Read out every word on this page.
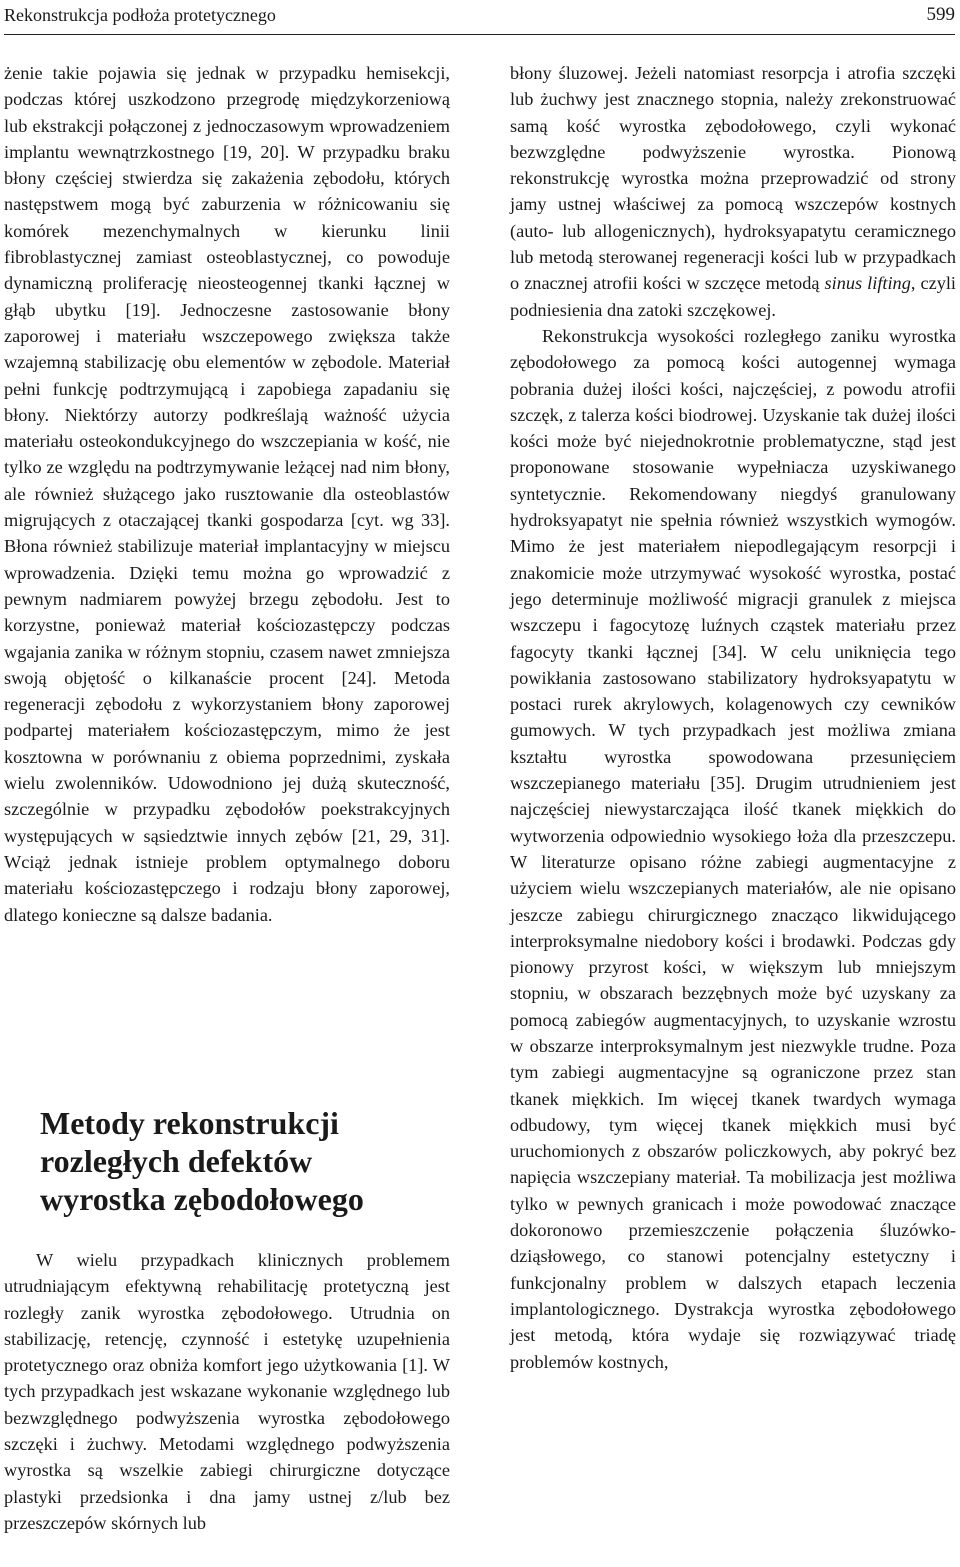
Rekonstrukcja podłoża protetycznego	599

żenie takie pojawia się jednak w przypadku hemisekcji, podczas której uszkodzono przegrodę międzykorzeniową lub ekstrakcji połączonej z jednoczasowym wprowadzeniem implantu wewnątrzkostnego [19, 20]. W przypadku braku błony częściej stwierdza się zakażenia zębodołu, których następstwem mogą być zaburzenia w różnicowaniu się komórek mezenchymalnych w kierunku linii fibroblastycznej zamiast osteoblastycznej, co powoduje dynamiczną proliferację nieosteogennej tkanki łącznej w głąb ubytku [19]. Jednoczesne zastosowanie błony zaporowej i materiału wszczepowego zwiększa także wzajemną stabilizację obu elementów w zębodole. Materiał pełni funkcję podtrzymującą i zapobiega zapadaniu się błony. Niektórzy autorzy podkreślają ważność użycia materiału osteokondukcyjnego do wszczepiania w kość, nie tylko ze względu na podtrzymywanie leżącej nad nim błony, ale również służącego jako rusztowanie dla osteoblastów migrujących z otaczającej tkanki gospodarza [cyt. wg 33]. Błona również stabilizuje materiał implantacyjny w miejscu wprowadzenia. Dzięki temu można go wprowadzić z pewnym nadmiarem powyżej brzegu zębodołu. Jest to korzystne, ponieważ materiał kościozastępczy podczas wgajania zanika w różnym stopniu, czasem nawet zmniejsza swoją objętość o kilkanaście procent [24]. Metoda regeneracji zębodołu z wykorzystaniem błony zaporowej podpartej materiałem kościozastępczym, mimo że jest kosztowna w porównaniu z obiema poprzednimi, zyskała wielu zwolenników. Udowodniono jej dużą skuteczność, szczególnie w przypadku zębodołów poekstrakcyjnych występujących w sąsiedztwie innych zębów [21, 29, 31]. Wciąż jednak istnieje problem optymalnego doboru materiału kościozastępczego i rodzaju błony zaporowej, dlatego konieczne są dalsze badania.

Metody rekonstrukcji rozległych defektów wyrostka zębodołowego

W wielu przypadkach klinicznych problemem utrudniającym efektywną rehabilitację protetyczną jest rozległy zanik wyrostka zębodołowego. Utrudnia on stabilizację, retencję, czynność i estetykę uzupełnienia protetycznego oraz obniża komfort jego użytkowania [1]. W tych przypadkach jest wskazane wykonanie względnego lub bezwzględnego podwyższenia wyrostka zębodołowego szczęki i żuchwy. Metodami względnego podwyższenia wyrostka są wszelkie zabiegi chirurgiczne dotyczące plastyki przedsionka i dna jamy ustnej z/lub bez przeszczepów skórnych lub

błony śluzowej. Jeżeli natomiast resorpcja i atrofia szczęki lub żuchwy jest znacznego stopnia, należy zrekonstruować samą kość wyrostka zębodołowego, czyli wykonać bezwzględne podwyższenie wyrostka. Pionową rekonstrukcję wyrostka można przeprowadzić od strony jamy ustnej właściwej za pomocą wszczepów kostnych (auto- lub allogenicznych), hydroksyapatytu ceramicznego lub metodą sterowanej regeneracji kości lub w przypadkach o znacznej atrofii kości w szczęce metodą sinus lifting, czyli podniesienia dna zatoki szczękowej.

Rekonstrukcja wysokości rozległego zaniku wyrostka zębodołowego za pomocą kości autogennej wymaga pobrania dużej ilości kości, najczęściej, z powodu atrofii szczęk, z talerza kości biodrowej. Uzyskanie tak dużej ilości kości może być niejednokrotnie problematyczne, stąd jest proponowane stosowanie wypełniacza uzyskiwanego syntetycznie. Rekomendowany niegdyś granulowany hydroksyapatyt nie spełnia również wszystkich wymogów. Mimo że jest materiałem niepodlegającym resorpcji i znakomicie może utrzymywać wysokość wyrostka, postać jego determinuje możliwość migracji granulek z miejsca wszczepu i fagocytozę luźnych cząstek materiału przez fagocyty tkanki łącznej [34]. W celu uniknięcia tego powikłania zastosowano stabilizatory hydroksyapatytu w postaci rurek akrylowych, kolagenowych czy cewników gumowych. W tych przypadkach jest możliwa zmiana kształtu wyrostka spowodowana przesunięciem wszczepianego materiału [35]. Drugim utrudnieniem jest najczęściej niewystarczająca ilość tkanek miękkich do wytworzenia odpowiednio wysokiego łoża dla przeszczepu. W literaturze opisano różne zabiegi augmentacyjne z użyciem wielu wszczepianych materiałów, ale nie opisano jeszcze zabiegu chirurgicznego znacząco likwidującego interproksymalne niedobory kości i brodawki. Podczas gdy pionowy przyrost kości, w większym lub mniejszym stopniu, w obszarach bezzębnych może być uzyskany za pomocą zabiegów augmentacyjnych, to uzyskanie wzrostu w obszarze interproksymalnym jest niezwykle trudne. Poza tym zabiegi augmentacyjne są ograniczone przez stan tkanek miękkich. Im więcej tkanek twardych wymaga odbudowy, tym więcej tkanek miękkich musi być uruchomionych z obszarów policzkowych, aby pokryć bez napięcia wszczepiany materiał. Ta mobilizacja jest możliwa tylko w pewnych granicach i może powodować znaczące dokoronowo przemieszczenie połączenia śluzówko-dziąsłowego, co stanowi potencjalny estetyczny i funkcjonalny problem w dalszych etapach leczenia implantologicznego. Dystrakcja wyrostka zębodołowego jest metodą, która wydaje się rozwiązywać triadę problemów kostnych,
